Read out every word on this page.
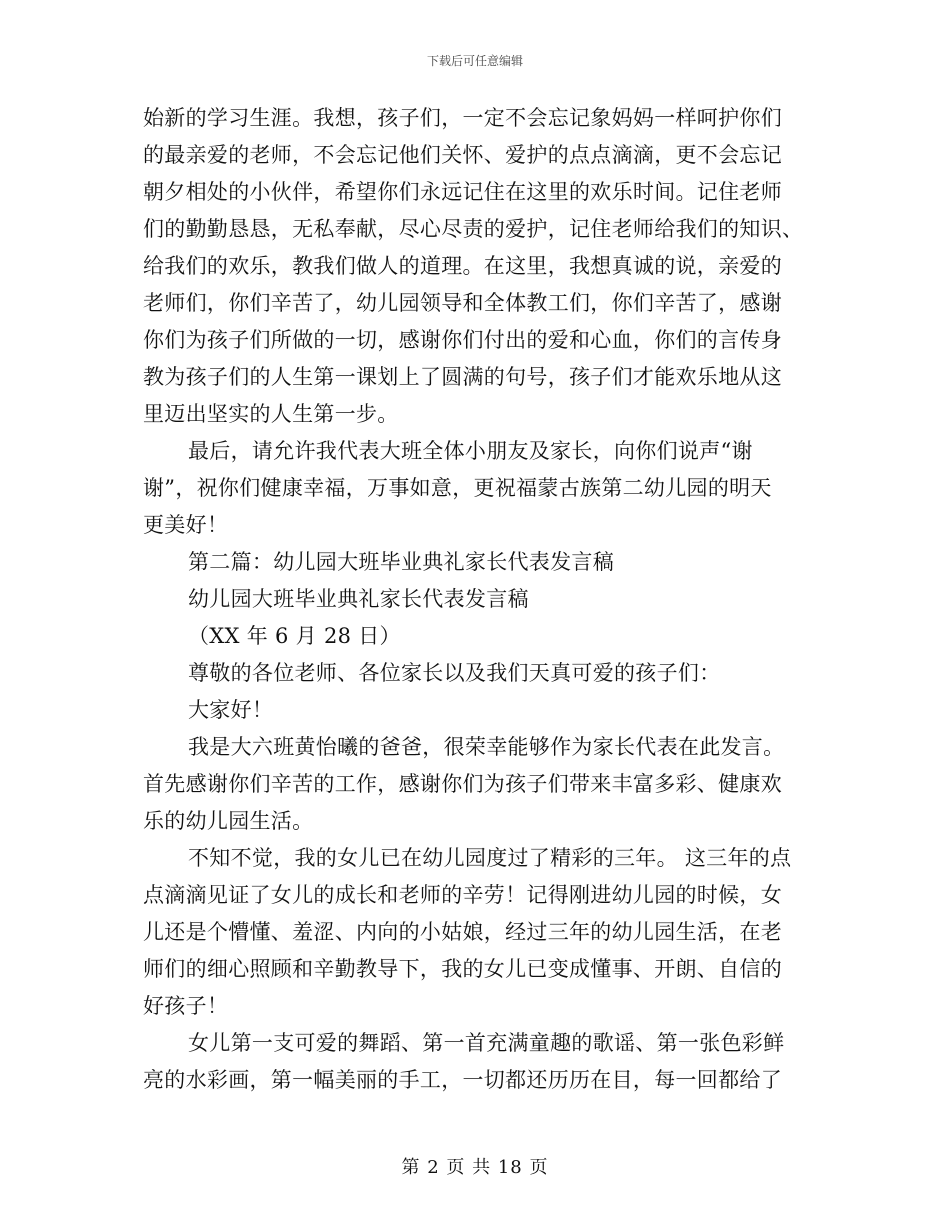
下载后可任意编辑
始新的学习生涯。我想，孩子们，一定不会忘记象妈妈一样呵护你们
的最亲爱的老师，不会忘记他们关怀、爱护的点点滴滴，更不会忘记
朝夕相处的小伙伴，希望你们永远记住在这里的欢乐时间。记住老师
们的勤勤恳恳，无私奉献，尽心尽责的爱护，记住老师给我们的知识、
给我们的欢乐，教我们做人的道理。在这里，我想真诚的说，亲爱的
老师们，你们辛苦了，幼儿园领导和全体教工们，你们辛苦了，感谢
你们为孩子们所做的一切，感谢你们付出的爱和心血，你们的言传身
教为孩子们的人生第一课划上了圆满的句号，孩子们才能欢乐地从这
里迈出坚实的人生第一步。
最后，请允许我代表大班全体小朋友及家长，向你们说声“谢
谢”，祝你们健康幸福，万事如意，更祝福蒙古族第二幼儿园的明天
更美好！
第二篇：幼儿园大班毕业典礼家长代表发言稿
幼儿园大班毕业典礼家长代表发言稿
（XX 年 6 月 28 日）
尊敬的各位老师、各位家长以及我们天真可爱的孩子们：
大家好！
我是大六班黄怡曦的爸爸，很荣幸能够作为家长代表在此发言。
首先感谢你们辛苦的工作，感谢你们为孩子们带来丰富多彩、健康欢
乐的幼儿园生活。
不知不觉，我的女儿已在幼儿园度过了精彩的三年。 这三年的点
点滴滴见证了女儿的成长和老师的辛劳！记得刚进幼儿园的时候，女
儿还是个懵懂、羞涩、内向的小姑娘，经过三年的幼儿园生活，在老
师们的细心照顾和辛勤教导下，我的女儿已变成懂事、开朗、自信的
好孩子！
女儿第一支可爱的舞蹈、第一首充满童趣的歌谣、第一张色彩鲜
亮的水彩画，第一幅美丽的手工，一切都还历历在目，每一回都给了
第 2 页 共 18 页
